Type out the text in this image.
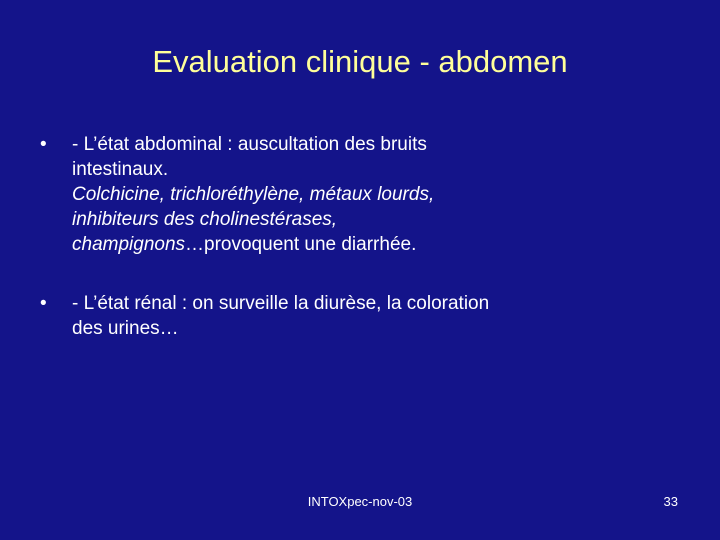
Evaluation clinique - abdomen
•	- L’état abdominal : auscultation des bruits
intestinaux.
Colchicine, trichloréthylène, métaux lourds,
inhibiteurs des cholinestérases,
champignons…provoquent une diarrhée.
•	- L’état rénal : on surveille la diurèse, la coloration
des urines…
INTOXpec-nov-03	33
